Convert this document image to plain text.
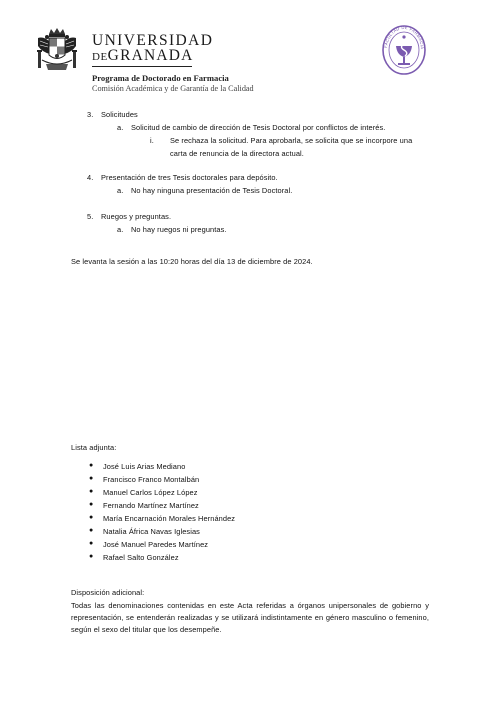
UNIVERSIDAD
DEGRANADA
Programa de Doctorado en Farmacia
Comisión Académica y de Garantía de la Calidad
FACULTAD DE FARMACIA
3. Solicitudes
a. Solicitud de cambio de dirección de Tesis Doctoral por conflictos de interés.
i. Se rechaza la solicitud. Para aprobarla, se solicita que se incorpore una
carta de renuncia de la directora actual.
4. Presentación de tres Tesis doctorales para depósito.
a. No hay ninguna presentación de Tesis Doctoral.
5. Ruegos y preguntas.
a. No hay ruegos ni preguntas.
Se levanta la sesión a las 10:20 horas del día 13 de diciembre de 2024.
Lista adjunta:
● José Luis Arias Mediano
● Francisco Franco Montalbán
● Manuel Carlos López López
● Fernando Martínez Martínez
● María Encarnación Morales Hernández
● Natalia África Navas Iglesias
● José Manuel Paredes Martínez
● Rafael Salto González
Disposición adicional:
Todas las denominaciones contenidas en este Acta referidas a órganos unipersonales de gobierno y representación, se entenderán realizadas y se utilizará indistintamente en género masculino o femenino, según el sexo del titular que los desempeñe.
